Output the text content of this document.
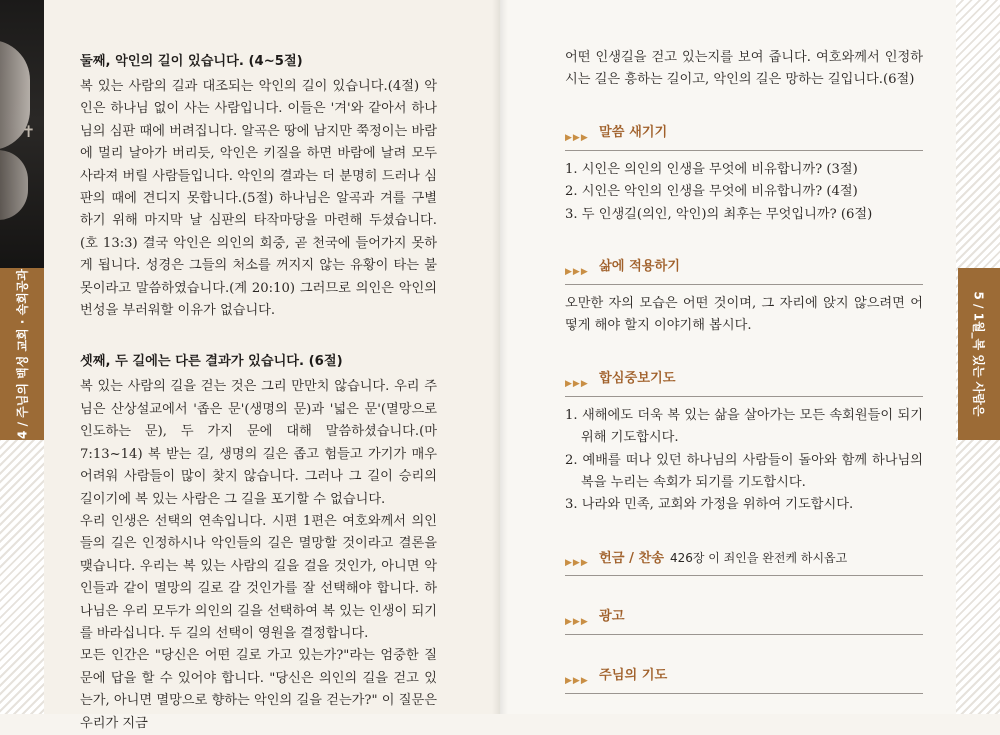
✝
4 / 주님의 백성 교회 · 속회공과	5 / 1월_복 있는 사람은
둘째, 악인의 길이 있습니다. (4~5절)

복 있는 사람의 길과 대조되는 악인의 길이 있습니다.(4절) 악인은 하나님 없이 사는 사람입니다. 이들은 '겨'와 같아서 하나님의 심판 때에 버려집니다. 알곡은 땅에 남지만 쭉정이는 바람에 멀리 날아가 버리듯, 악인은 키질을 하면 바람에 날려 모두 사라져 버릴 사람들입니다. 악인의 결과는 더 분명히 드러나 심판의 때에 견디지 못합니다.(5절) 하나님은 알곡과 겨를 구별하기 위해 마지막 날 심판의 타작마당을 마련해 두셨습니다.(호 13:3) 결국 악인은 의인의 회중, 곧 천국에 들어가지 못하게 됩니다. 성경은 그들의 처소를 꺼지지 않는 유황이 타는 불 못이라고 말씀하였습니다.(계 20:10) 그러므로 의인은 악인의 번성을 부러워할 이유가 없습니다.

셋째, 두 길에는 다른 결과가 있습니다. (6절)

복 있는 사람의 길을 걷는 것은 그리 만만치 않습니다. 우리 주님은 산상설교에서 '좁은 문'(생명의 문)과 '넓은 문'(멸망으로 인도하는 문), 두 가지 문에 대해 말씀하셨습니다.(마 7:13~14) 복 받는 길, 생명의 길은 좁고 험들고 가기가 매우 어려워 사람들이 많이 찾지 않습니다. 그러나 그 길이 승리의 길이기에 복 있는 사람은 그 길을 포기할 수 없습니다.

우리 인생은 선택의 연속입니다. 시편 1편은 여호와께서 의인들의 길은 인정하시나 악인들의 길은 멸망할 것이라고 결론을 맺습니다. 우리는 복 있는 사람의 길을 걸을 것인가, 아니면 악인들과 같이 멸망의 길로 갈 것인가를 잘 선택해야 합니다. 하나님은 우리 모두가 의인의 길을 선택하여 복 있는 인생이 되기를 바라십니다. 두 길의 선택이 영원을 결정합니다.

모든 인간은 "당신은 어떤 길로 가고 있는가?"라는 엄중한 질문에 답을 할 수 있어야 합니다. "당신은 의인의 길을 걷고 있는가, 아니면 멸망으로 향하는 악인의 길을 걷는가?" 이 질문은 우리가 지금

어떤 인생길을 걷고 있는지를 보여 줍니다. 여호와께서 인정하시는 길은 흥하는 길이고, 악인의 길은 망하는 길입니다.(6절)

▶▶▶ 말씀 새기기
1. 시인은 의인의 인생을 무엇에 비유합니까? (3절)
2. 시인은 악인의 인생을 무엇에 비유합니까? (4절)
3. 두 인생길(의인, 악인)의 최후는 무엇입니까? (6절)
▶▶▶ 삶에 적용하기

오만한 자의 모습은 어떤 것이며, 그 자리에 앉지 않으려면 어떻게 해야 할지 이야기해 봅시다.

▶▶▶ 합심중보기도
1. 새해에도 더욱 복 있는 삶을 살아가는 모든 속회원들이 되기 위해 기도합시다.
2. 예배를 떠나 있던 하나님의 사람들이 돌아와 함께 하나님의 복을 누리는 속회가 되기를 기도합시다.
3. 나라와 민족, 교회와 가정을 위하여 기도합시다.
▶▶▶ 헌금 / 찬송 426장 이 죄인을 완전케 하시옵고
▶▶▶ 광고
▶▶▶ 주님의 기도
